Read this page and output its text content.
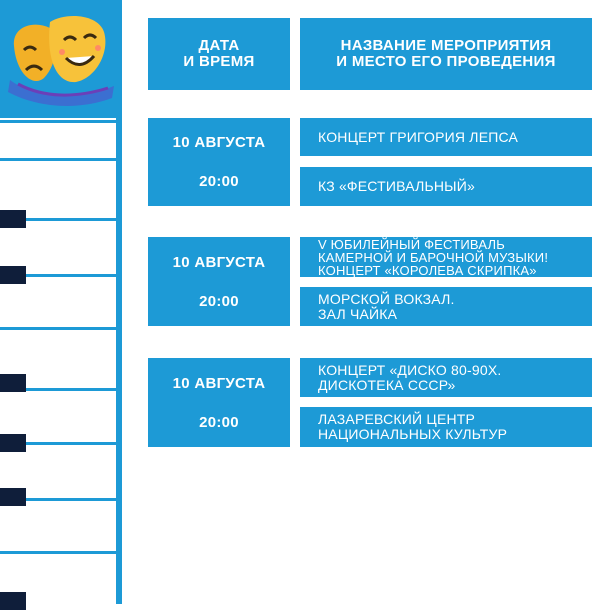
ДАТА
И ВРЕМЯ
НАЗВАНИЕ МЕРОПРИЯТИЯ
И МЕСТО ЕГО ПРОВЕДЕНИЯ
10 АВГУСТА
20:00
КОНЦЕРТ ГРИГОРИЯ ЛЕПСА
КЗ «ФЕСТИВАЛЬНЫЙ»
10 АВГУСТА
20:00
V ЮБИЛЕЙНЫЙ ФЕСТИВАЛЬ
КАМЕРНОЙ И БАРОЧНОЙ МУЗЫКИ!
КОНЦЕРТ «КОРОЛЕВА СКРИПКА»
МОРСКОЙ ВОКЗАЛ.
ЗАЛ ЧАЙКА
10 АВГУСТА
20:00
КОНЦЕРТ «ДИСКО 80-90Х.
ДИСКОТЕКА СССР»
ЛАЗАРЕВСКИЙ ЦЕНТР
НАЦИОНАЛЬНЫХ КУЛЬТУР
